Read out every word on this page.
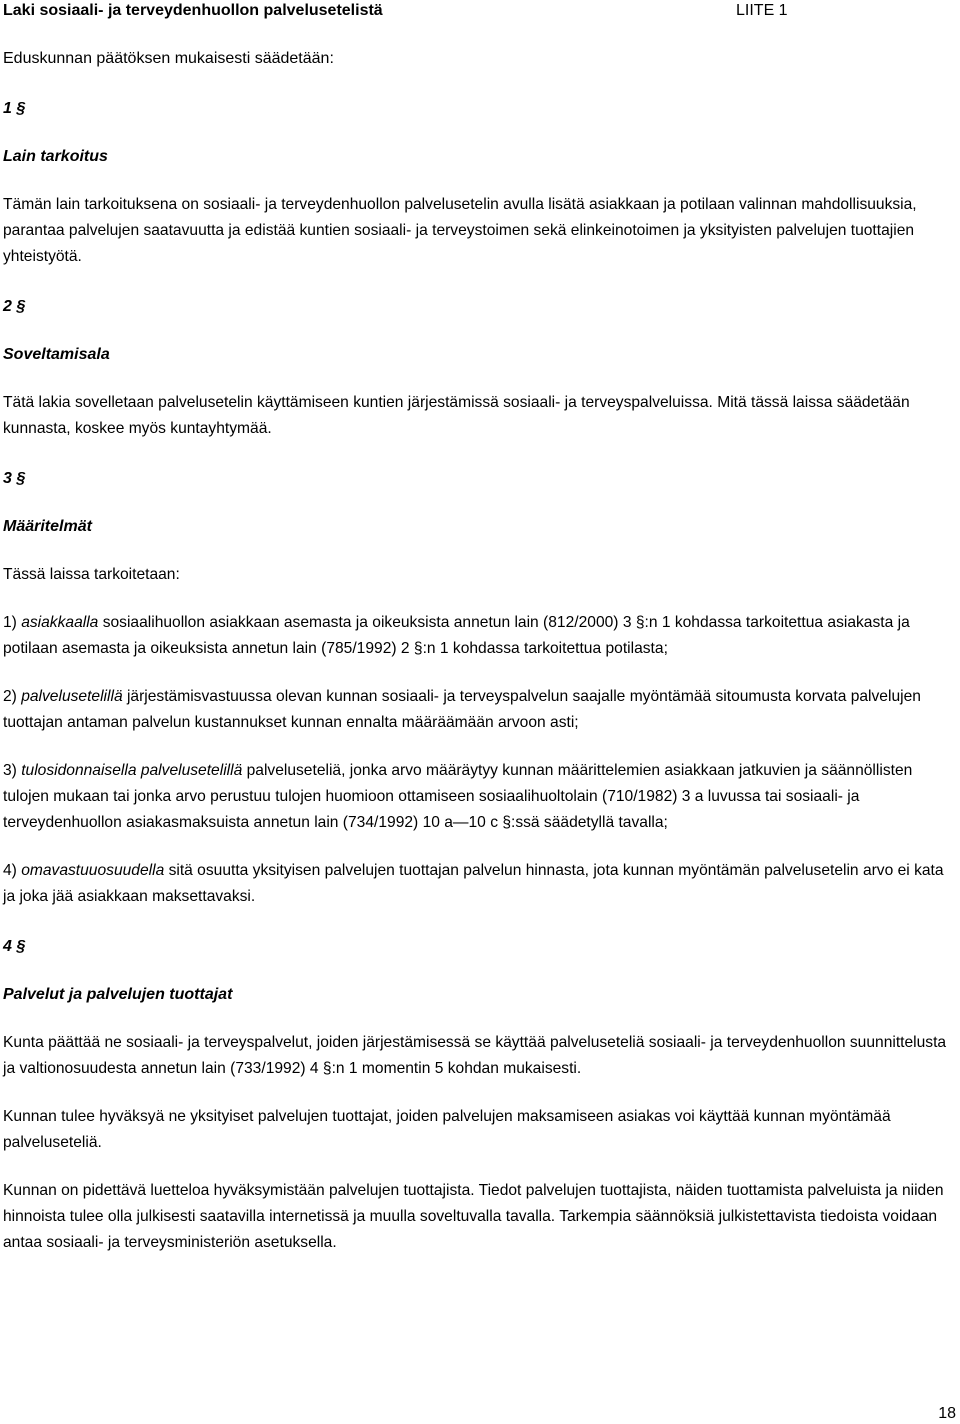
Laki sosiaali- ja terveydenhuollon palvelusetelistä	LIITE 1
Eduskunnan päätöksen mukaisesti säädetään:
1 §
Lain tarkoitus

Tämän lain tarkoituksena on sosiaali- ja terveydenhuollon palvelusetelin avulla lisätä asiakkaan ja potilaan valinnan mahdollisuuksia, parantaa palvelujen saatavuutta ja edistää kuntien sosiaali- ja terveystoimen sekä elinkeinotoimen ja yksityisten palvelujen tuottajien yhteistyötä.

2 §
Soveltamisala

Tätä lakia sovelletaan palvelusetelin käyttämiseen kuntien järjestämissä sosiaali- ja terveyspalveluissa. Mitä tässä laissa säädetään kunnasta, koskee myös kuntayhtymää.

3 §
Määritelmät

Tässä laissa tarkoitetaan:

1) asiakkaalla sosiaalihuollon asiakkaan asemasta ja oikeuksista annetun lain (812/2000) 3 §:n 1 kohdassa tarkoitettua asiakasta ja potilaan asemasta ja oikeuksista annetun lain (785/1992) 2 §:n 1 kohdassa tarkoitettua potilasta;

2) palvelusetelillä järjestämisvastuussa olevan kunnan sosiaali- ja terveyspalvelun saajalle myöntämää sitoumusta korvata palvelujen tuottajan antaman palvelun kustannukset kunnan ennalta määräämään arvoon asti;

3) tulosidonnaisella palvelusetelillä palveluseteliä, jonka arvo määräytyy kunnan määrittelemien asiakkaan jatkuvien ja säännöllisten tulojen mukaan tai jonka arvo perustuu tulojen huomioon ottamiseen sosiaalihuoltolain (710/1982) 3 a luvussa tai sosiaali- ja terveydenhuollon asiakasmaksuista annetun lain (734/1992) 10 a—10 c §:ssä säädetyllä tavalla;

4) omavastuuosuudella sitä osuutta yksityisen palvelujen tuottajan palvelun hinnasta, jota kunnan myöntämän palvelusetelin arvo ei kata ja joka jää asiakkaan maksettavaksi.

4 §
Palvelut ja palvelujen tuottajat

Kunta päättää ne sosiaali- ja terveyspalvelut, joiden järjestämisessä se käyttää palveluseteliä sosiaali- ja terveydenhuollon suunnittelusta ja valtionosuudesta annetun lain (733/1992) 4 §:n 1 momentin 5 kohdan mukaisesti.

Kunnan tulee hyväksyä ne yksityiset palvelujen tuottajat, joiden palvelujen maksamiseen asiakas voi käyttää kunnan myöntämää palveluseteliä.

Kunnan on pidettävä luetteloa hyväksymistään palvelujen tuottajista. Tiedot palvelujen tuottajista, näiden tuottamista palveluista ja niiden hinnoista tulee olla julkisesti saatavilla internetissä ja muulla soveltuvalla tavalla. Tarkempia säännöksiä julkistettavista tiedoista voidaan antaa sosiaali- ja terveysministeriön asetuksella.

18
